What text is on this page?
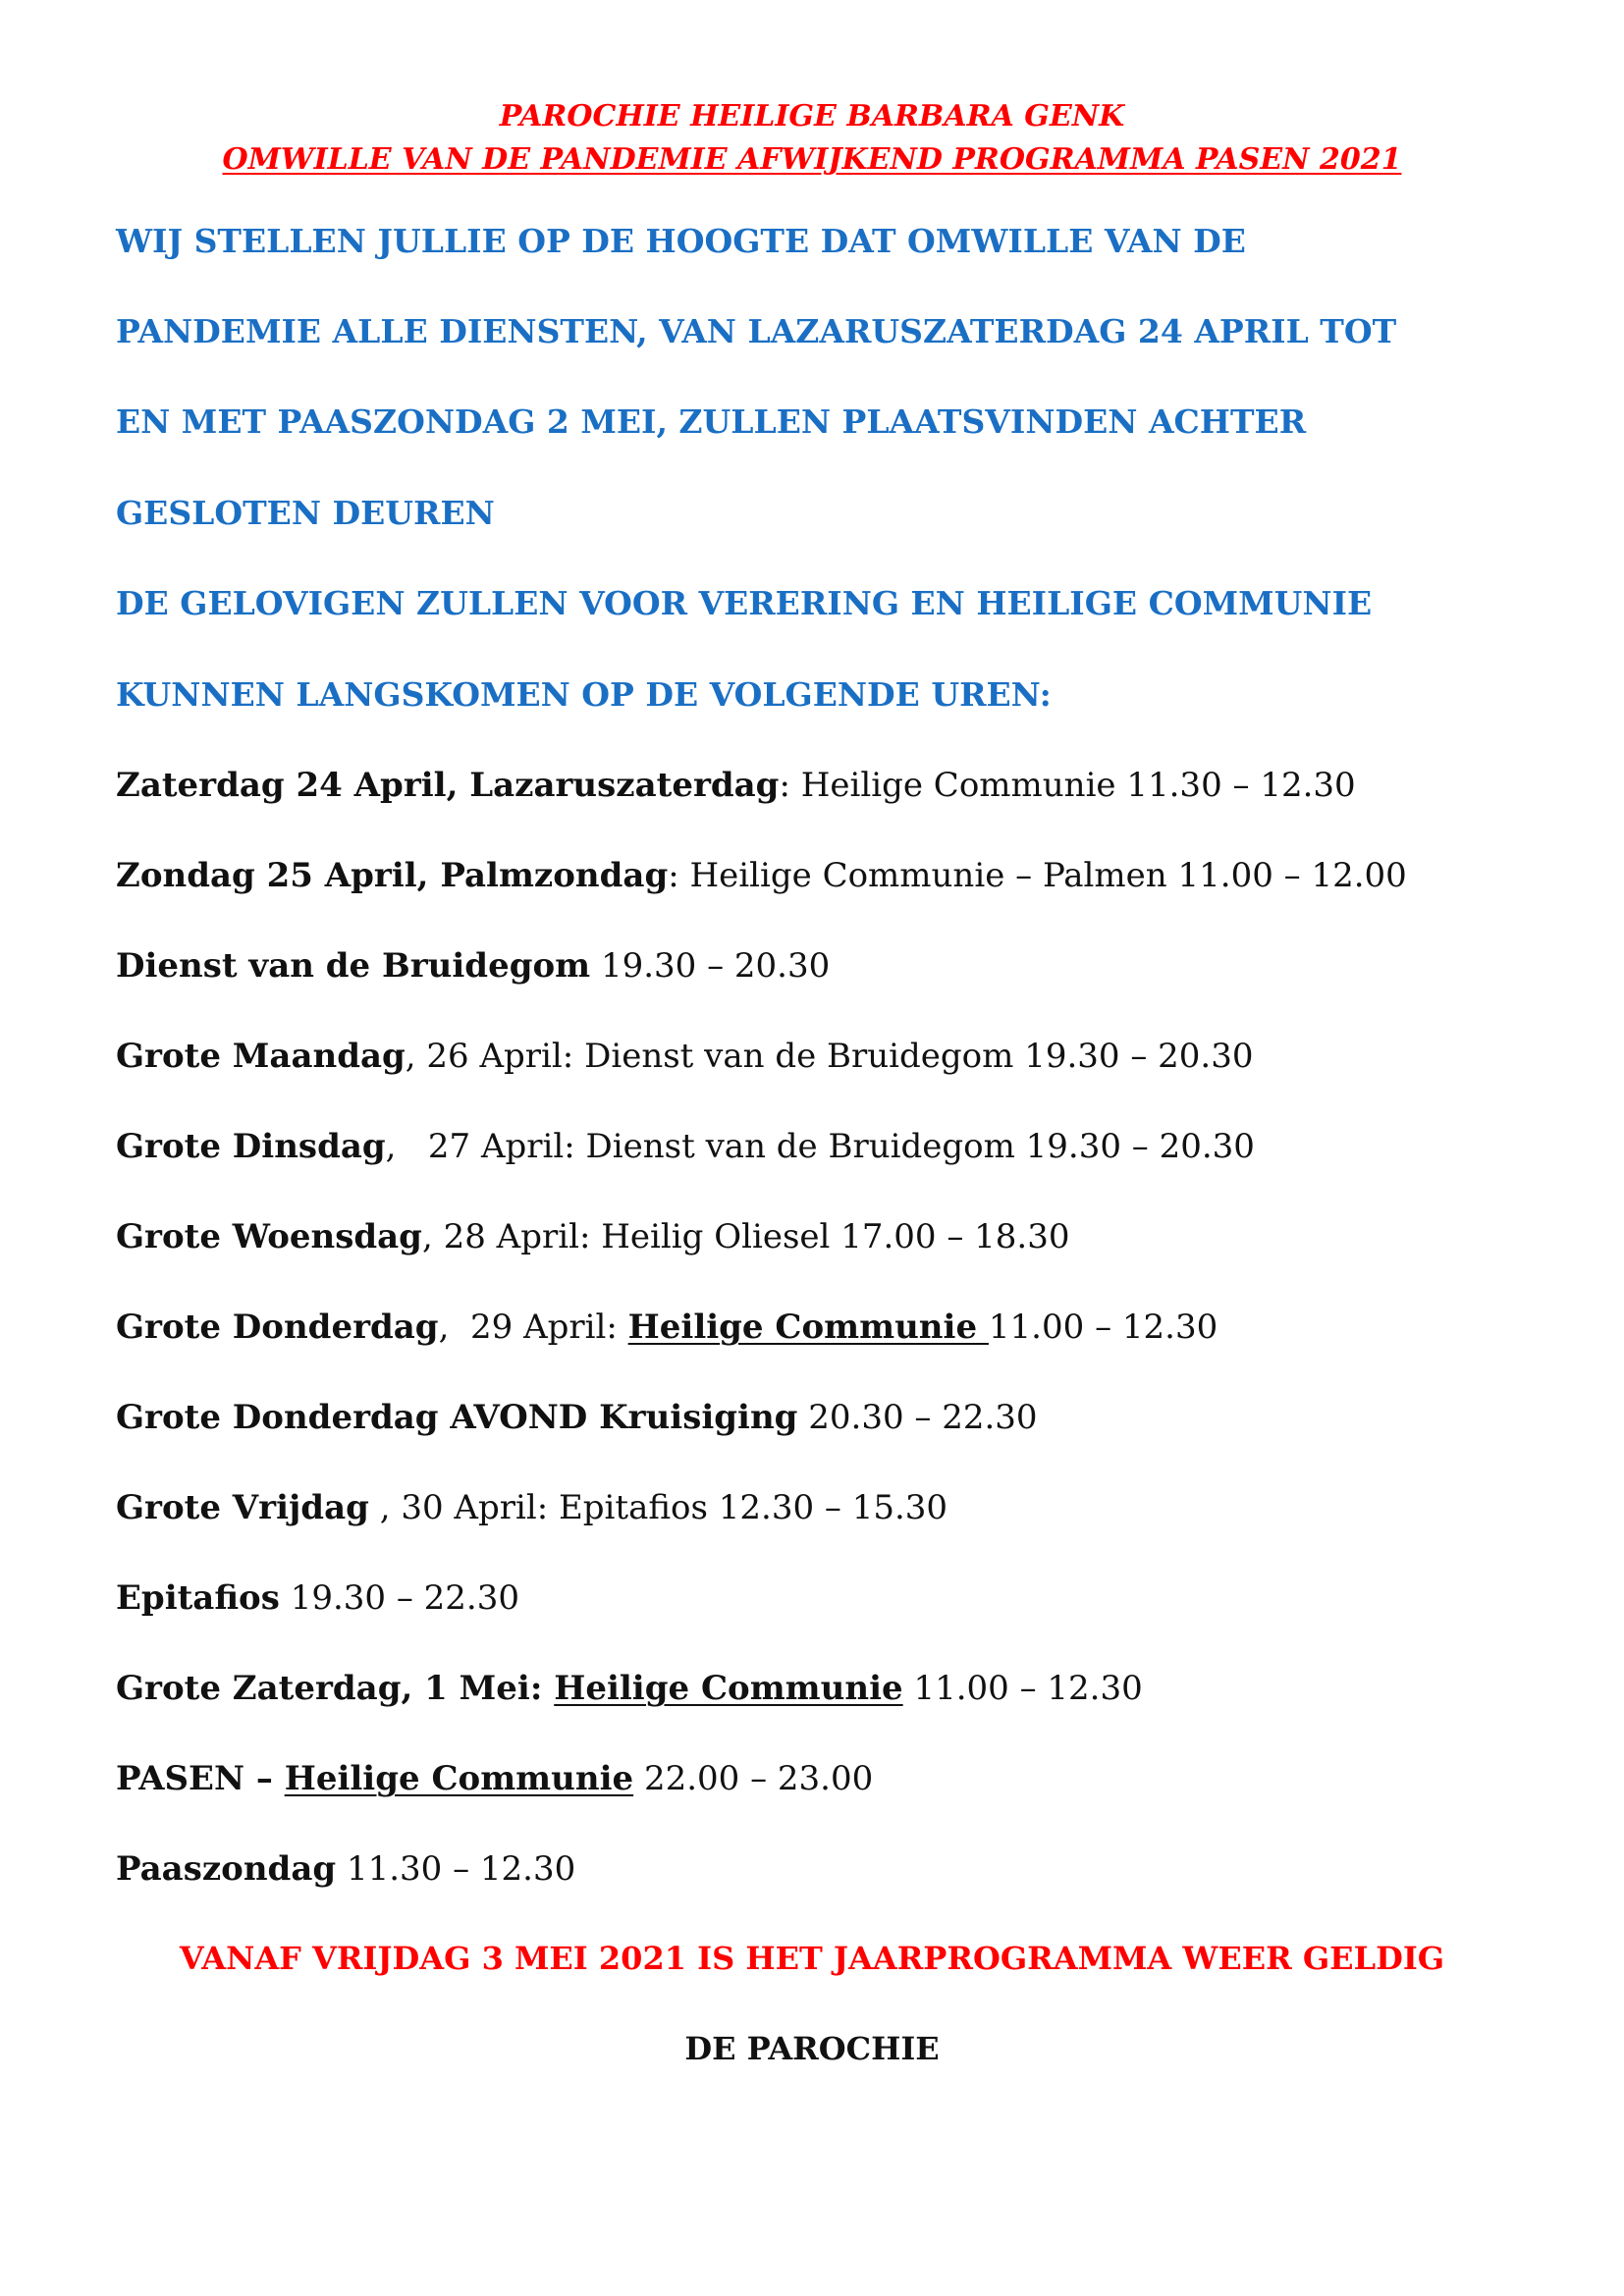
PAROCHIE HEILIGE BARBARA GENK
OMWILLE VAN DE PANDEMIE AFWIJKEND PROGRAMMA PASEN 2021
WIJ STELLEN JULLIE OP DE HOOGTE DAT OMWILLE VAN DE
PANDEMIE ALLE DIENSTEN, VAN LAZARUSZATERDAG 24 APRIL TOT
EN MET PAASZONDAG 2 MEI, ZULLEN PLAATSVINDEN ACHTER
GESLOTEN DEUREN
DE GELOVIGEN ZULLEN VOOR VERERING EN HEILIGE COMMUNIE
KUNNEN LANGSKOMEN OP DE VOLGENDE UREN:
Zaterdag 24 April, Lazaruszaterdag: Heilige Communie 11.30 – 12.30
Zondag 25 April, Palmzondag: Heilige Communie – Palmen 11.00 – 12.00
Dienst van de Bruidegom 19.30 – 20.30
Grote Maandag, 26 April: Dienst van de Bruidegom 19.30 – 20.30
Grote Dinsdag,   27 April: Dienst van de Bruidegom 19.30 – 20.30
Grote Woensdag, 28 April: Heilig Oliesel 17.00 – 18.30
Grote Donderdag,  29 April: Heilige Communie 11.00 – 12.30
Grote Donderdag AVOND Kruisiging 20.30 – 22.30
Grote Vrijdag , 30 April: Epitafios 12.30 – 15.30
Epitafios 19.30 – 22.30
Grote Zaterdag, 1 Mei: Heilige Communie 11.00 – 12.30
PASEN – Heilige Communie 22.00 – 23.00
Paaszondag 11.30 – 12.30
VANAF VRIJDAG 3 MEI 2021 IS HET JAARPROGRAMMA WEER GELDIG
DE PAROCHIE
